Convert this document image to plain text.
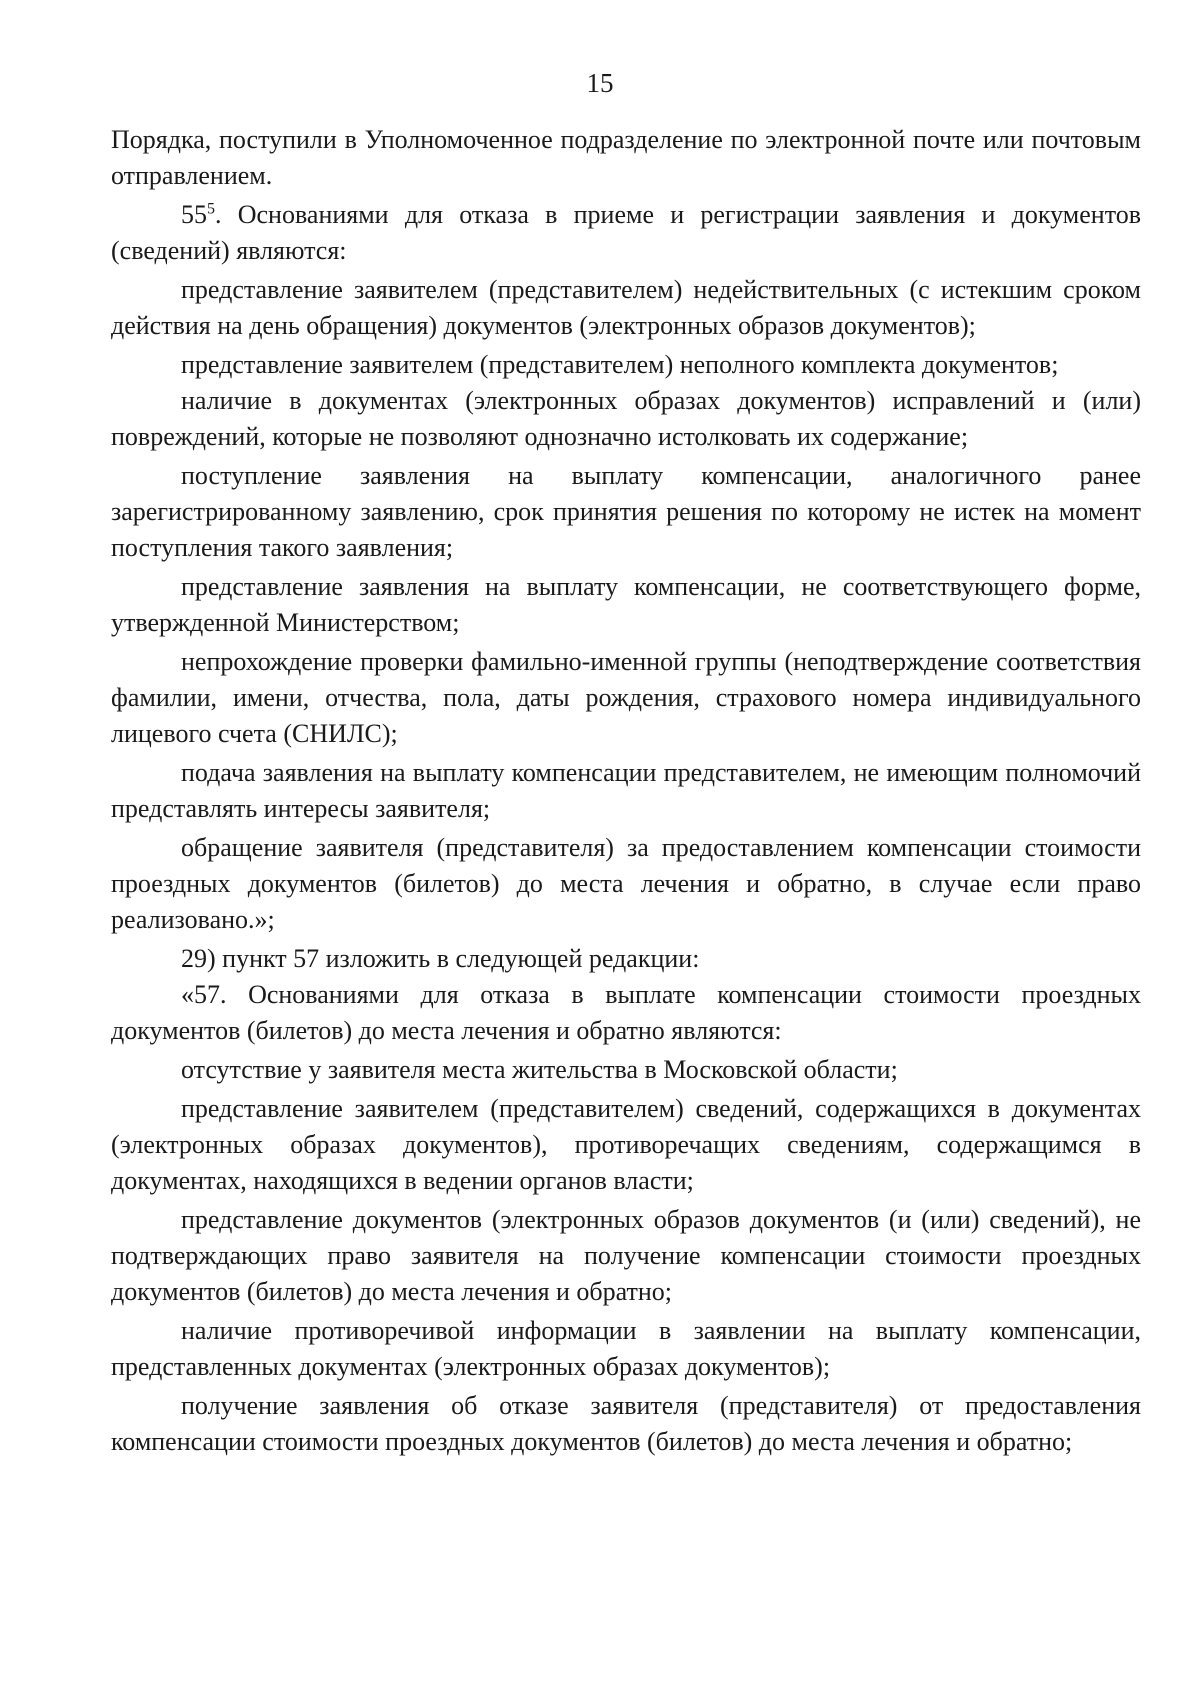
15

Порядка, поступили в Уполномоченное подразделение по электронной почте или почтовым отправлением.

$55^5$. Основаниями для отказа в приеме и регистрации заявления и документов (сведений) являются:

представление заявителем (представителем) недействительных (с истекшим сроком действия на день обращения) документов (электронных образов документов);

представление заявителем (представителем) неполного комплекта документов;

наличие в документах (электронных образах документов) исправлений и (или) повреждений, которые не позволяют однозначно истолковать их содержание;

поступление заявления на выплату компенсации, аналогичного ранее зарегистрированному заявлению, срок принятия решения по которому не истек на момент поступления такого заявления;

представление заявления на выплату компенсации, не соответствующего форме, утвержденной Министерством;

непрохождение проверки фамильно-именной группы (неподтверждение соответствия фамилии, имени, отчества, пола, даты рождения, страхового номера индивидуального лицевого счета (СНИЛС);

подача заявления на выплату компенсации представителем, не имеющим полномочий представлять интересы заявителя;

обращение заявителя (представителя) за предоставлением компенсации стоимости проездных документов (билетов) до места лечения и обратно, в случае если право реализовано.»;

29) пункт 57 изложить в следующей редакции:

«57. Основаниями для отказа в выплате компенсации стоимости проездных документов (билетов) до места лечения и обратно являются:

отсутствие у заявителя места жительства в Московской области;

представление заявителем (представителем) сведений, содержащихся в документах (электронных образах документов), противоречащих сведениям, содержащимся в документах, находящихся в ведении органов власти;

представление документов (электронных образов документов (и (или) сведений), не подтверждающих право заявителя на получение компенсации стоимости проездных документов (билетов) до места лечения и обратно;

наличие противоречивой информации в заявлении на выплату компенсации, представленных документах (электронных образах документов);

получение заявления об отказе заявителя (представителя) от предоставления компенсации стоимости проездных документов (билетов) до места лечения и обратно;
